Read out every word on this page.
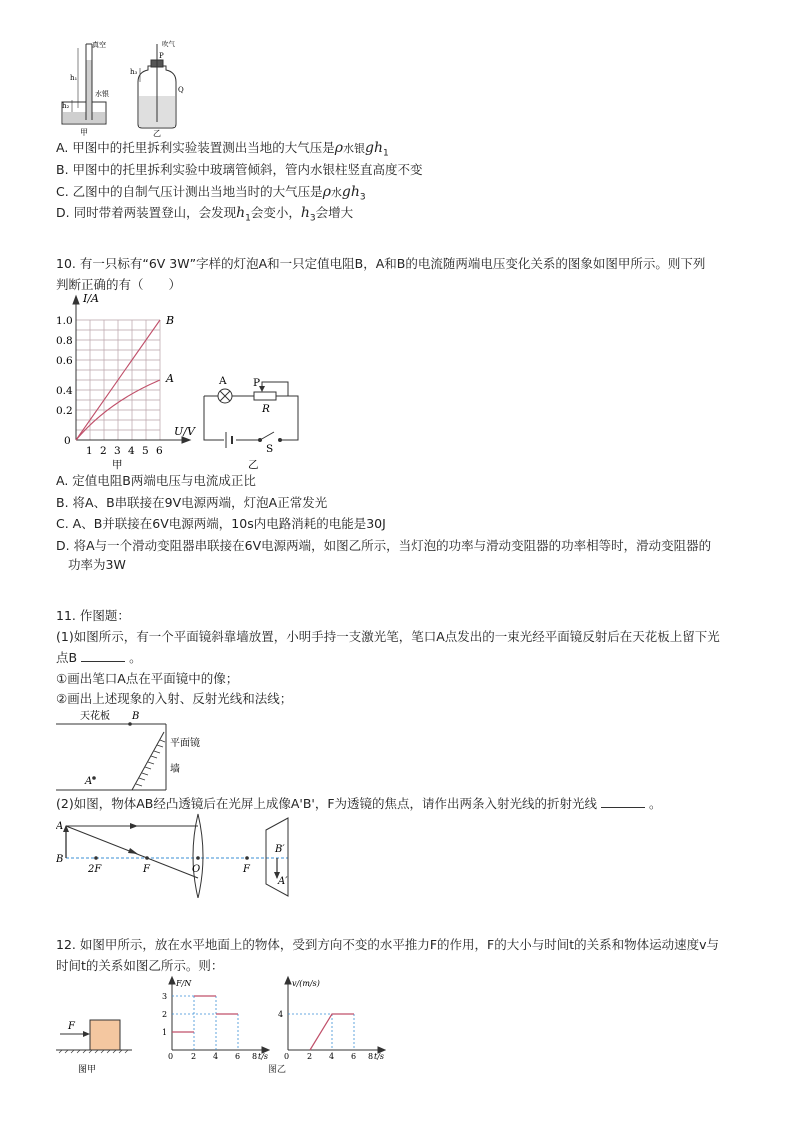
真空
h₁
h₂
水银
甲
吹气
P
h₃
Q
乙
A. 甲图中的托里拆利实验装置测出当地的大气压是ρ水银$gh_1$
B. 甲图中的托里拆利实验中玻璃管倾斜，管内水银柱竖直高度不变
C. 乙图中的自制气压计测出当地当时的大气压是ρ水$gh_3$
D. 同时带着两装置登山，会发现$h_1$会变小，$h_3$会增大
10. 有一只标有“6V 3W”字样的灯泡A和一只定值电阻B，A和B的电流随两端电压变化关系的图象如图甲所示。则下列
判断正确的有（　　）
I/A
U/V
1.0
0.8
0.6
0.4
0.2
0
1 2 3 4 5 6
B
A
甲
A	P
R
S
乙
A. 定值电阻B两端电压与电流成正比
B. 将A、B串联接在9V电源两端，灯泡A正常发光
C. A、B并联接在6V电源两端，10s内电路消耗的电能是30J
D. 将A与一个滑动变阻器串联接在6V电源两端，如图乙所示，当灯泡的功率与滑动变阻器的功率相等时，滑动变阻器的
功率为3W
11. 作图题：
(1)如图所示，有一个平面镜斜靠墙放置，小明手持一支激光笔，笔口A点发出的一束光经平面镜反射后在天花板上留下光
点B	。
①画出笔口A点在平面镜中的像；
②画出上述现象的入射、反射光线和法线；
天花板 B
平面镜
A
墙
(2)如图，物体AB经凸透镜后在光屏上成像A'B'，F为透镜的焦点，请作出两条入射光线的折射光线	。
A
B
2F	F	O	F
B′
A′
12. 如图甲所示，放在水平地面上的物体，受到方向不变的水平推力F的作用，F的大小与时间t的关系和物体运动速度v与
时间t的关系如图乙所示。则：
F
图甲
F/N
3
2
1
0 2 4 6 8 t/s
v/(m/s)
4
0 2 4 6 8 t/s
图乙
